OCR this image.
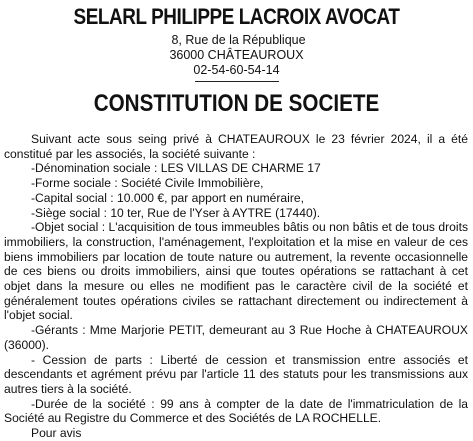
SELARL PHILIPPE LACROIX AVOCAT
8, Rue de la République
36000 CHÂTEAUROUX
02-54-60-54-14
CONSTITUTION DE SOCIETE

Suivant acte sous seing privé à CHATEAUROUX le 23 février 2024, il a été constitué par les associés, la société suivante :

-Dénomination sociale : LES VILLAS DE CHARME 17

-Forme sociale : Société Civile Immobilière,

-Capital social : 10.000 €, par apport en numéraire,

-Siège social : 10 ter, Rue de l'Yser à AYTRE (17440).

-Objet social : L'acquisition de tous immeubles bâtis ou non bâtis et de tous droits immobiliers, la construction, l'aménagement, l'exploitation et la mise en valeur de ces biens immobiliers par location de toute nature ou autrement, la revente occasionnelle de ces biens ou droits immobiliers, ainsi que toutes opérations se rattachant à cet objet dans la mesure ou elles ne modifient pas le caractère civil de la société et généralement toutes opérations civiles se rattachant directement ou indirectement à l'objet social.

-Gérants : Mme Marjorie PETIT, demeurant au 3 Rue Hoche à CHATEAUROUX (36000).

- Cession de parts : Liberté de cession et transmission entre associés et descendants et agrément prévu par l'article 11 des statuts pour les transmissions aux autres tiers à la société.

-Durée de la société : 99 ans à compter de la date de l'immatriculation de la Société au Registre du Commerce et des Sociétés de LA ROCHELLE.

Pour avis
